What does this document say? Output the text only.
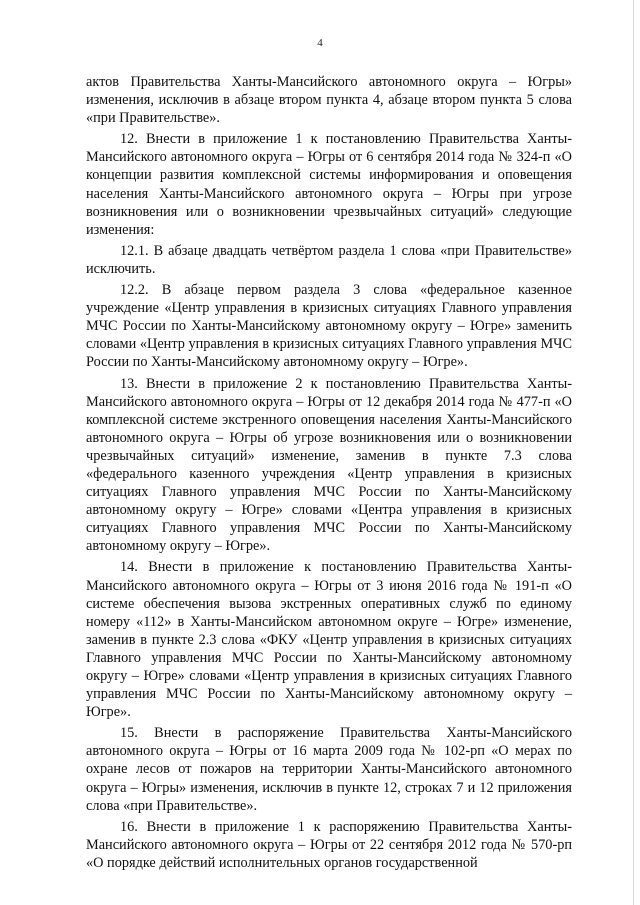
4

актов Правительства Ханты-Мансийского автономного округа – Югры» изменения, исключив в абзаце втором пункта 4, абзаце втором пункта 5 слова «при Правительстве».

12. Внести в приложение 1 к постановлению Правительства Ханты-Мансийского автономного округа – Югры от 6 сентября 2014 года № 324-п «О концепции развития комплексной системы информирования и оповещения населения Ханты-Мансийского автономного округа – Югры при угрозе возникновения или о возникновении чрезвычайных ситуаций» следующие изменения:

12.1. В абзаце двадцать четвёртом раздела 1 слова «при Правительстве» исключить.

12.2. В абзаце первом раздела 3 слова «федеральное казенное учреждение «Центр управления в кризисных ситуациях Главного управления МЧС России по Ханты-Мансийскому автономному округу – Югре» заменить словами «Центр управления в кризисных ситуациях Главного управления МЧС России по Ханты-Мансийскому автономному округу – Югре».

13. Внести в приложение 2 к постановлению Правительства Ханты-Мансийского автономного округа – Югры от 12 декабря 2014 года № 477-п «О комплексной системе экстренного оповещения населения Ханты-Мансийского автономного округа – Югры об угрозе возникновения или о возникновении чрезвычайных ситуаций» изменение, заменив в пункте 7.3 слова «федерального казенного учреждения «Центр управления в кризисных ситуациях Главного управления МЧС России по Ханты-Мансийскому автономному округу – Югре» словами «Центра управления в кризисных ситуациях Главного управления МЧС России по Ханты-Мансийскому автономному округу – Югре».

14. Внести в приложение к постановлению Правительства Ханты-Мансийского автономного округа – Югры от 3 июня 2016 года № 191-п «О системе обеспечения вызова экстренных оперативных служб по единому номеру «112» в Ханты-Мансийском автономном округе – Югре» изменение, заменив в пункте 2.3 слова «ФКУ «Центр управления в кризисных ситуациях Главного управления МЧС России по Ханты-Мансийскому автономному округу – Югре» словами «Центр управления в кризисных ситуациях Главного управления МЧС России по Ханты-Мансийскому автономному округу – Югре».

15. Внести в распоряжение Правительства Ханты-Мансийского автономного округа – Югры от 16 марта 2009 года № 102-рп «О мерах по охране лесов от пожаров на территории Ханты-Мансийского автономного округа – Югры» изменения, исключив в пункте 12, строках 7 и 12 приложения слова «при Правительстве».

16. Внести в приложение 1 к распоряжению Правительства Ханты-Мансийского автономного округа – Югры от 22 сентября 2012 года № 570-рп «О порядке действий исполнительных органов государственной
